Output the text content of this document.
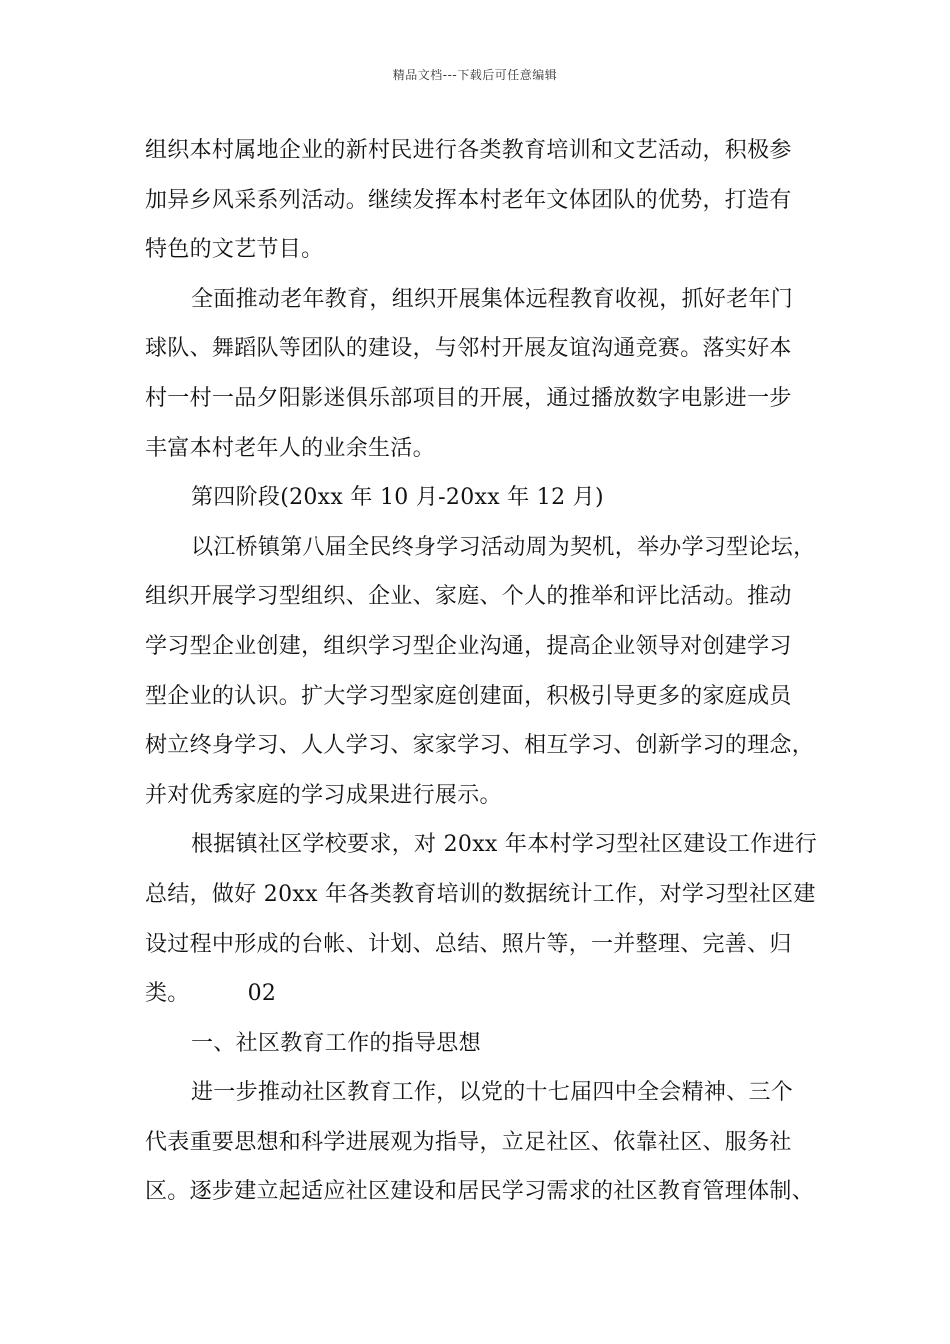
精品文档---下载后可任意编辑
组织本村属地企业的新村民进行各类教育培训和文艺活动，积极参
加异乡风采系列活动。继续发挥本村老年文体团队的优势，打造有
特色的文艺节目。
全面推动老年教育，组织开展集体远程教育收视，抓好老年门
球队、舞蹈队等团队的建设，与邻村开展友谊沟通竞赛。落实好本
村一村一品夕阳影迷俱乐部项目的开展，通过播放数字电影进一步
丰富本村老年人的业余生活。
第四阶段(20xx 年 10 月-20xx 年 12 月)
以江桥镇第八届全民终身学习活动周为契机，举办学习型论坛，
组织开展学习型组织、企业、家庭、个人的推举和评比活动。推动
学习型企业创建，组织学习型企业沟通，提高企业领导对创建学习
型企业的认识。扩大学习型家庭创建面，积极引导更多的家庭成员
树立终身学习、人人学习、家家学习、相互学习、创新学习的理念，
并对优秀家庭的学习成果进行展示。
根据镇社区学校要求，对 20xx 年本村学习型社区建设工作进行
总结，做好 20xx 年各类教育培训的数据统计工作，对学习型社区建
设过程中形成的台帐、计划、总结、照片等，一并整理、完善、归
类。	02
一、社区教育工作的指导思想
进一步推动社区教育工作，以党的十七届四中全会精神、三个
代表重要思想和科学进展观为指导，立足社区、依靠社区、服务社
区。逐步建立起适应社区建设和居民学习需求的社区教育管理体制、
